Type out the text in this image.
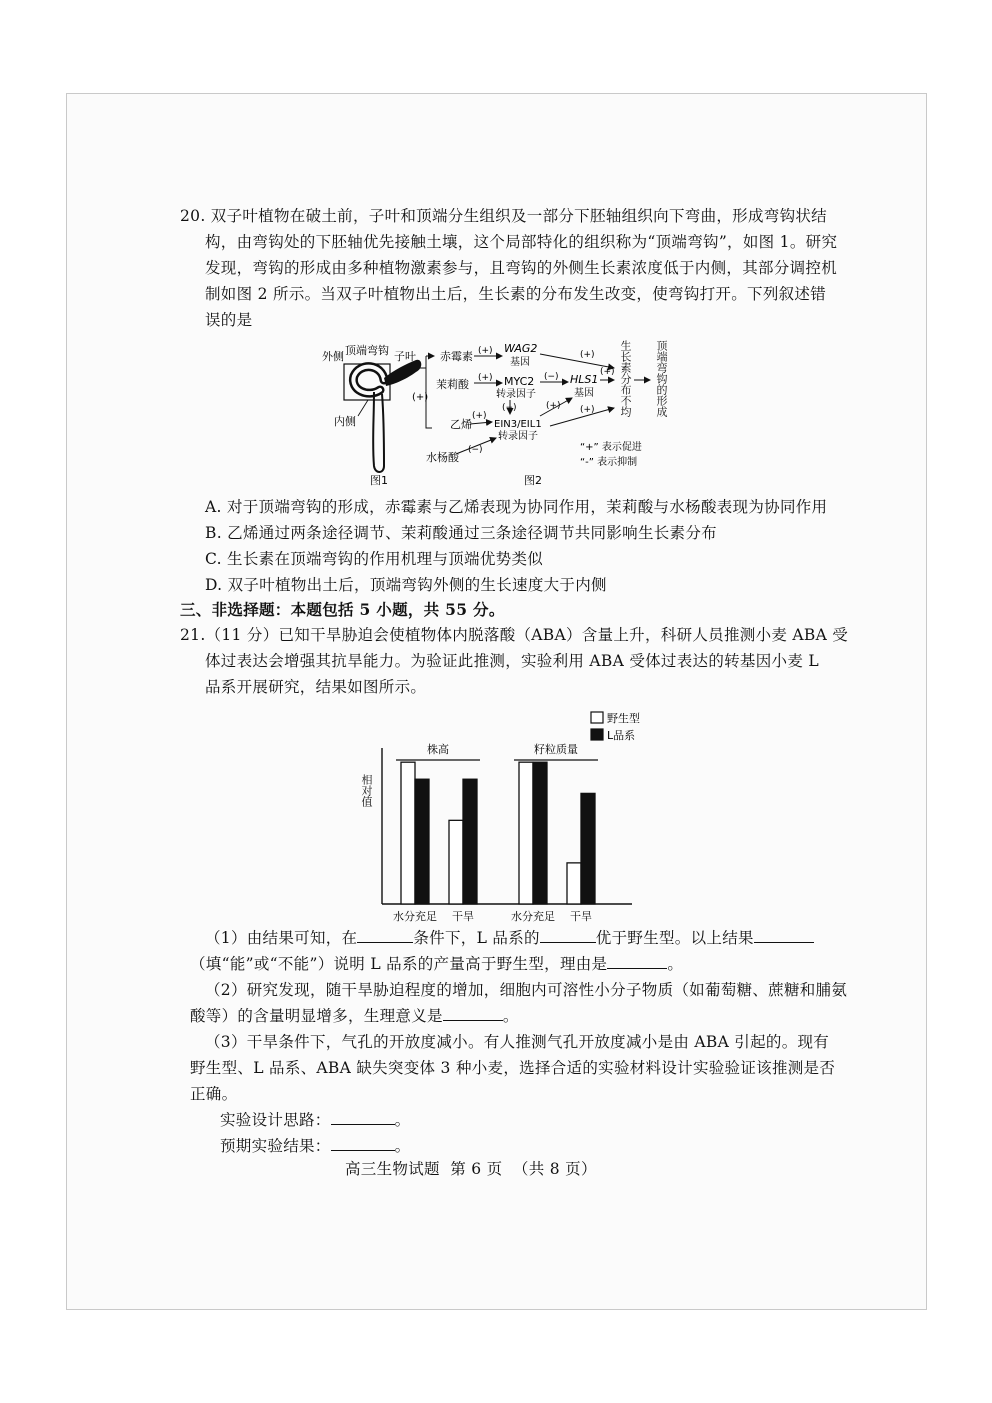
20. 双子叶植物在破土前，子叶和顶端分生组织及一部分下胚轴组织向下弯曲，形成弯钩状结
构，由弯钩处的下胚轴优先接触土壤，这个局部特化的组织称为“顶端弯钩”，如图 1。研究
发现，弯钩的形成由多种植物激素参与，且弯钩的外侧生长素浓度低于内侧，其部分调控机
制如图 2 所示。当双子叶植物出土后，生长素的分布发生改变，使弯钩打开。下列叙述错
误的是
外侧 顶端弯钩 子叶
内侧
图1
(+)
赤霉素
茉莉酸
乙烯
水杨酸
WAG2
基因
MYC2
转录因子
HLS1
基因
EIN3/EIL1
转录因子
(+)	(+)
(+)	(−)	(+)
(−)
(+)
(+) (+)
(−)
生长素分布不均 顶端弯钩的形成
“+” 表示促进
“-” 表示抑制
图2
A. 对于顶端弯钩的形成，赤霉素与乙烯表现为协同作用，茉莉酸与水杨酸表现为协同作用
B. 乙烯通过两条途径调节、茉莉酸通过三条途径调节共同影响生长素分布
C. 生长素在顶端弯钩的作用机理与顶端优势类似
D. 双子叶植物出土后，顶端弯钩外侧的生长速度大于内侧
三、非选择题：本题包括 5 小题，共 55 分。
21.（11 分）已知干旱胁迫会使植物体内脱落酸（ABA）含量上升，科研人员推测小麦 ABA 受
体过表达会增强其抗旱能力。为验证此推测，实验利用 ABA 受体过表达的转基因小麦 L
品系开展研究，结果如图所示。
野生型
L品系
株高	籽粒质量
相对值
水分充足 干旱	水分充足 干旱
（1）由结果可知，在	条件下，L 品系的	优于野生型。以上结果
（填“能”或“不能”）说明 L 品系的产量高于野生型，理由是	。
（2）研究发现，随干旱胁迫程度的增加，细胞内可溶性小分子物质（如葡萄糖、蔗糖和脯氨
酸等）的含量明显增多，生理意义是	。
（3）干旱条件下，气孔的开放度减小。有人推测气孔开放度减小是由 ABA 引起的。现有
野生型、L 品系、ABA 缺失突变体 3 种小麦，选择合适的实验材料设计实验验证该推测是否
正确。
实验设计思路：	。
预期实验结果：	。
高三生物试题  第 6 页  （共 8 页）
